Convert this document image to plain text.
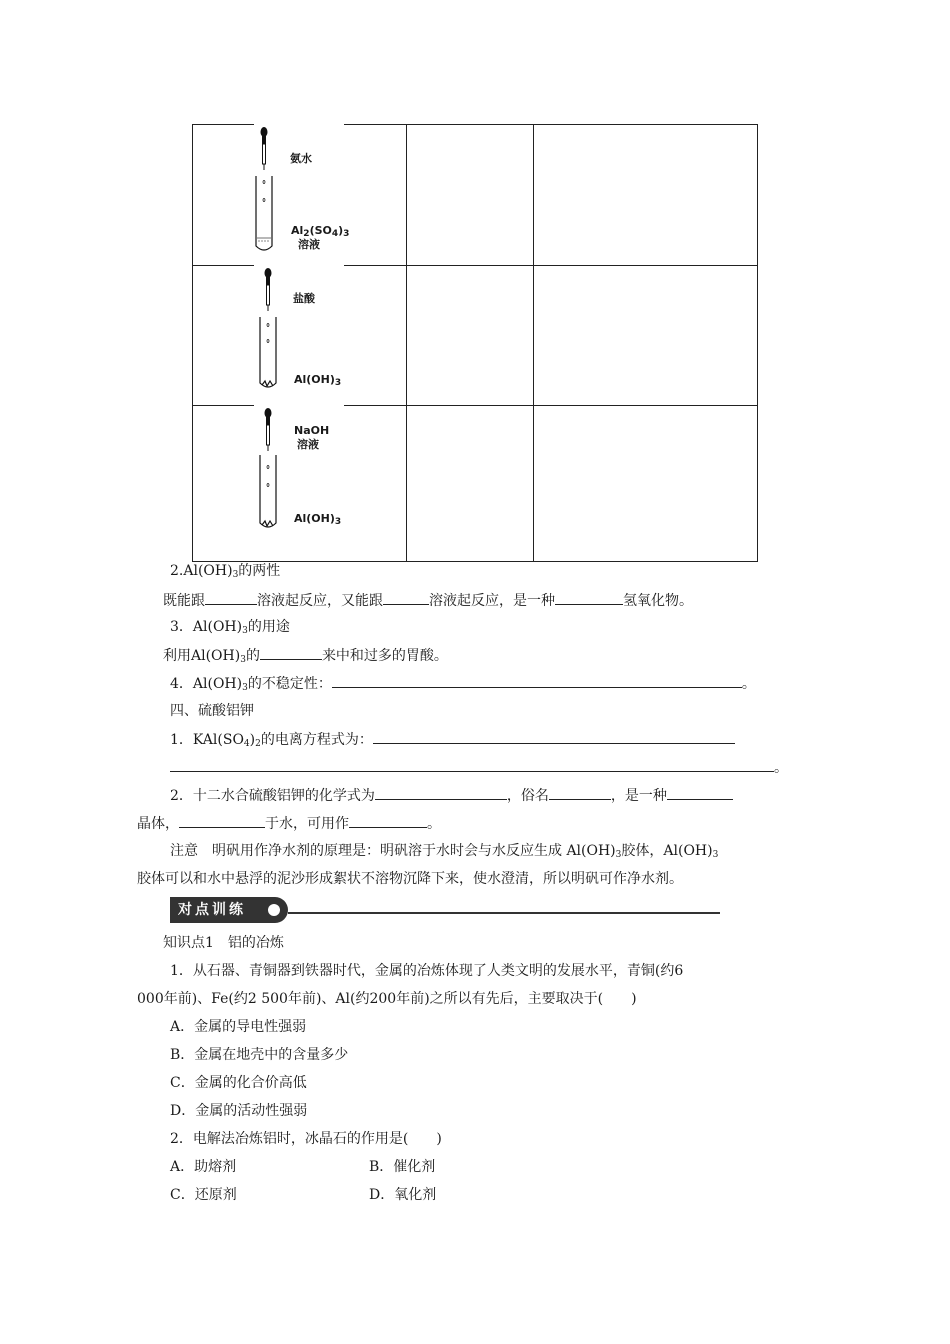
氨水
$Al_2(SO_4)_3$
溶液
盐酸
$Al(OH)_3$
NaOH
溶液
$Al(OH)_3$
$2.Al(OH)_3$的两性
既能跟	溶液起反应，又能跟	溶液起反应，是一种	氢氧化物。
3．$Al(OH)_3$的用途
利用$Al(OH)_3$的	来中和过多的胃酸。
4．$Al(OH)_3$的不稳定性：	。
四、硫酸铝钾
1．$KAl(SO_4)_2$的电离方程式为：
。
2．十二水合硫酸铝钾的化学式为	，俗名	，是一种
晶体，	于水，可用作	。
注意　明矾用作净水剂的原理是：明矾溶于水时会与水反应生成 $Al(OH)_3$胶体，$Al(OH)_3$
胶体可以和水中悬浮的泥沙形成絮状不溶物沉降下来，使水澄清，所以明矾可作净水剂。
对点训练
知识点1　铝的冶炼
1．从石器、青铜器到铁器时代，金属的冶炼体现了人类文明的发展水平，青铜(约6
000年前)、Fe(约2 500年前)、Al(约200年前)之所以有先后，主要取决于(　　)
A．金属的导电性强弱
B．金属在地壳中的含量多少
C．金属的化合价高低
D．金属的活动性强弱
2．电解法冶炼铝时，冰晶石的作用是(　　)
A．助熔剂	B．催化剂
C．还原剂	D．氧化剂
